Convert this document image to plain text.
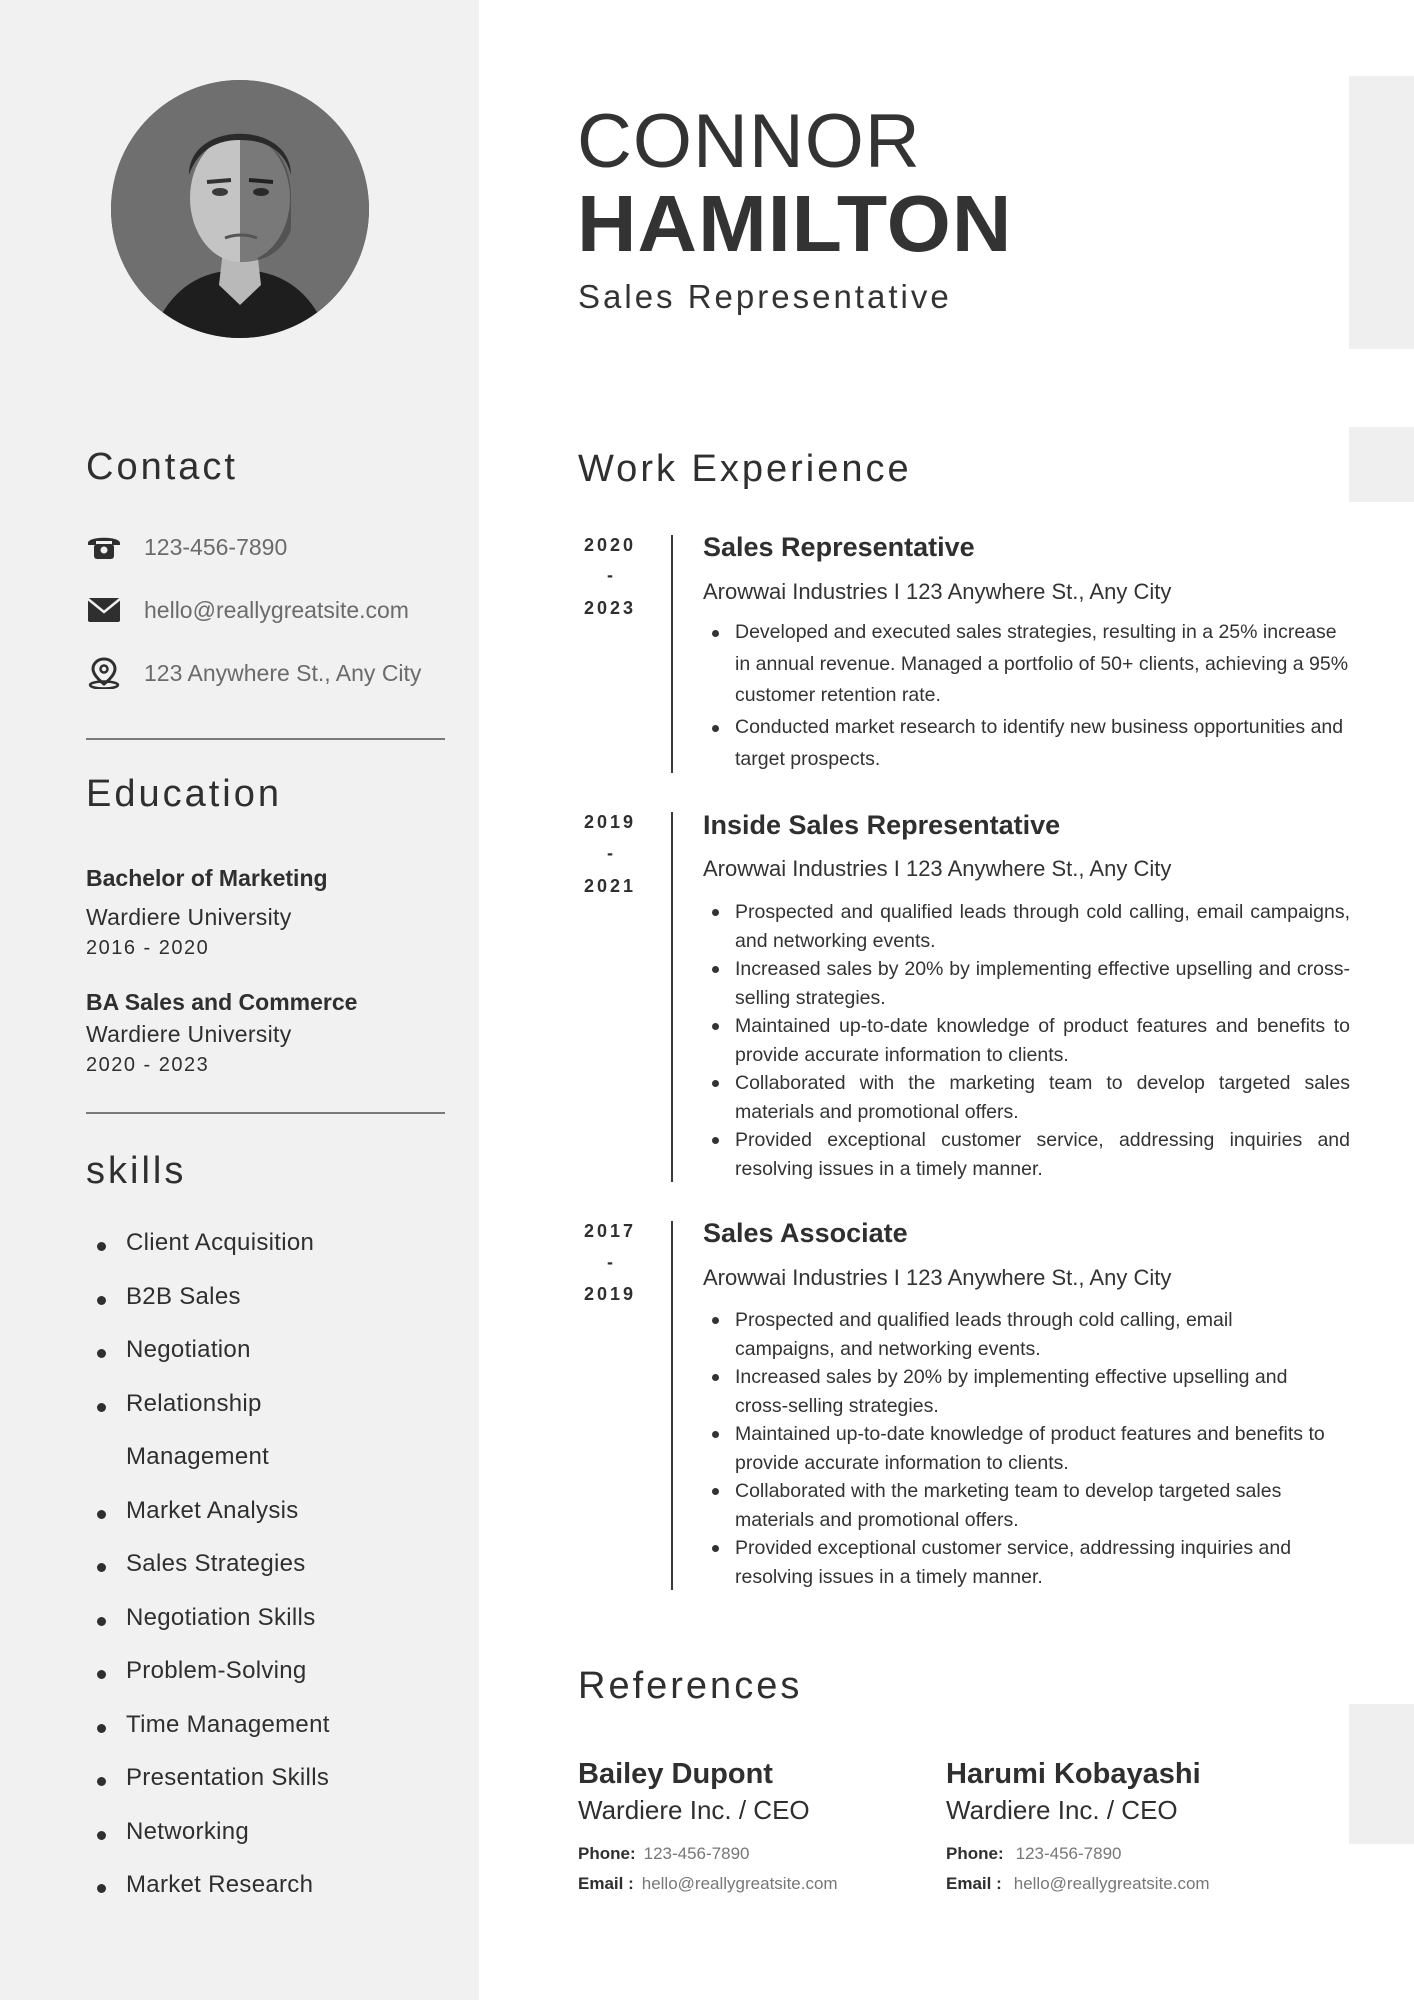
CONNOR
HAMILTON
Sales Representative
Contact
123-456-7890
hello@reallygreatsite.com
123 Anywhere St., Any City
Education
Bachelor of Marketing
Wardiere University
2016 - 2020
BA Sales and Commerce
Wardiere University
2020 - 2023
skills
Client Acquisition
B2B Sales
Negotiation
Relationship
Management
Market Analysis
Sales Strategies
Negotiation Skills
Problem-Solving
Time Management
Presentation Skills
Networking
Market Research
Work Experience
2020
-
2023
Sales Representative
Arowwai Industries I 123 Anywhere St., Any City
Developed and executed sales strategies, resulting in a 25% increase in annual revenue. Managed a portfolio of 50+ clients, achieving a 95% customer retention rate.
Conducted market research to identify new business opportunities and target prospects.
2019
-
2021
Inside Sales Representative
Arowwai Industries I 123 Anywhere St., Any City
Prospected and qualified leads through cold calling, email campaigns, and networking events.
Increased sales by 20% by implementing effective upselling and cross-selling strategies.
Maintained up-to-date knowledge of product features and benefits to provide accurate information to clients.
Collaborated with the marketing team to develop targeted sales materials and promotional offers.
Provided exceptional customer service, addressing inquiries and resolving issues in a timely manner.
2017
-
2019
Sales Associate
Arowwai Industries I 123 Anywhere St., Any City
Prospected and qualified leads through cold calling, email campaigns, and networking events.
Increased sales by 20% by implementing effective upselling and cross-selling strategies.
Maintained up-to-date knowledge of product features and benefits to provide accurate information to clients.
Collaborated with the marketing team to develop targeted sales materials and promotional offers.
Provided exceptional customer service, addressing inquiries and resolving issues in a timely manner.
References
Bailey Dupont
Wardiere Inc. / CEO
Phone: 123-456-7890
Email : hello@reallygreatsite.com
Harumi Kobayashi
Wardiere Inc. / CEO
Phone: 123-456-7890
Email : hello@reallygreatsite.com
